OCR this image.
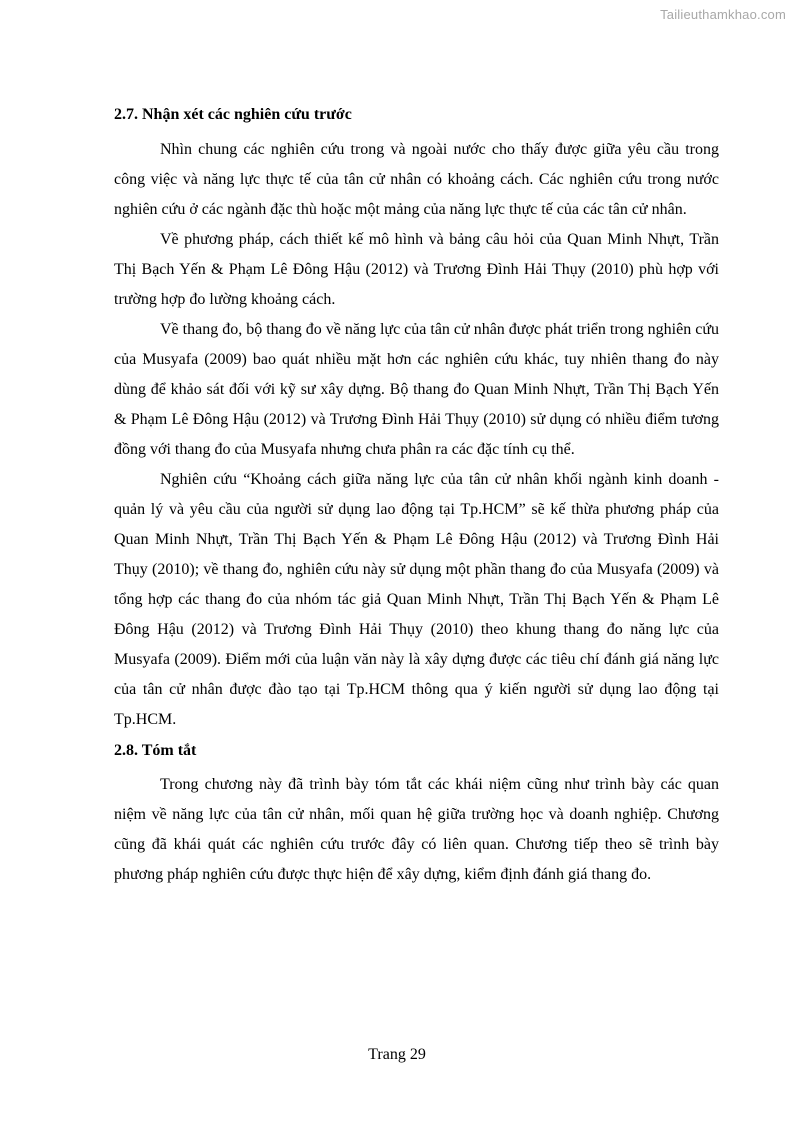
Tailieuthamkhao.com
2.7. Nhận xét các nghiên cứu trước

Nhìn chung các nghiên cứu trong và ngoài nước cho thấy được giữa yêu cầu trong công việc và năng lực thực tế của tân cử nhân có khoảng cách. Các nghiên cứu trong nước nghiên cứu ở các ngành đặc thù hoặc một mảng của năng lực thực tế của các tân cử nhân.

Về phương pháp, cách thiết kế mô hình và bảng câu hỏi của Quan Minh Nhựt, Trần Thị Bạch Yến & Phạm Lê Đông Hậu (2012) và Trương Đình Hải Thụy (2010) phù hợp với trường hợp đo lường khoảng cách.

Về thang đo, bộ thang đo về năng lực của tân cử nhân được phát triển trong nghiên cứu của Musyafa (2009) bao quát nhiều mặt hơn các nghiên cứu khác, tuy nhiên thang đo này dùng để khảo sát đối với kỹ sư xây dựng. Bộ thang đo Quan Minh Nhựt, Trần Thị Bạch Yến & Phạm Lê Đông Hậu (2012) và Trương Đình Hải Thụy (2010) sử dụng có nhiều điểm tương đồng với thang đo của Musyafa nhưng chưa phân ra các đặc tính cụ thể.

Nghiên cứu “Khoảng cách giữa năng lực của tân cử nhân khối ngành kinh doanh - quản lý và yêu cầu của người sử dụng lao động tại Tp.HCM” sẽ kế thừa phương pháp của Quan Minh Nhựt, Trần Thị Bạch Yến & Phạm Lê Đông Hậu (2012) và Trương Đình Hải Thụy (2010); về thang đo, nghiên cứu này sử dụng một phần thang đo của Musyafa (2009) và tổng hợp các thang đo của nhóm tác giả Quan Minh Nhựt, Trần Thị Bạch Yến & Phạm Lê Đông Hậu (2012) và Trương Đình Hải Thụy (2010) theo khung thang đo năng lực của Musyafa (2009). Điểm mới của luận văn này là xây dựng được các tiêu chí đánh giá năng lực của tân cử nhân được đào tạo tại Tp.HCM thông qua ý kiến người sử dụng lao động tại Tp.HCM.

2.8. Tóm tắt

Trong chương này đã trình bày tóm tắt các khái niệm cũng như trình bày các quan niệm về năng lực của tân cử nhân, mối quan hệ giữa trường học và doanh nghiệp. Chương cũng đã khái quát các nghiên cứu trước đây có liên quan. Chương tiếp theo sẽ trình bày phương pháp nghiên cứu được thực hiện để xây dựng, kiểm định đánh giá thang đo.

Trang 29
